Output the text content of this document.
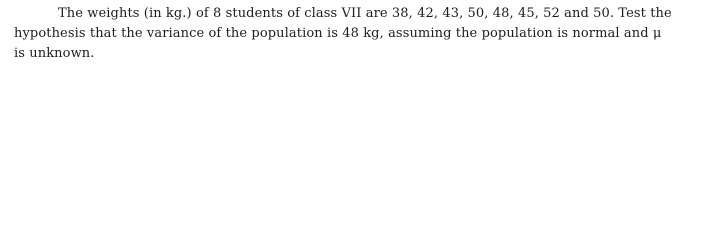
The weights (in kg.) of 8 students of class VII are 38, 42, 43, 50, 48, 45, 52 and 50. Test the
hypothesis that the variance of the population is 48 kg, assuming the population is normal and μ
is unknown.
